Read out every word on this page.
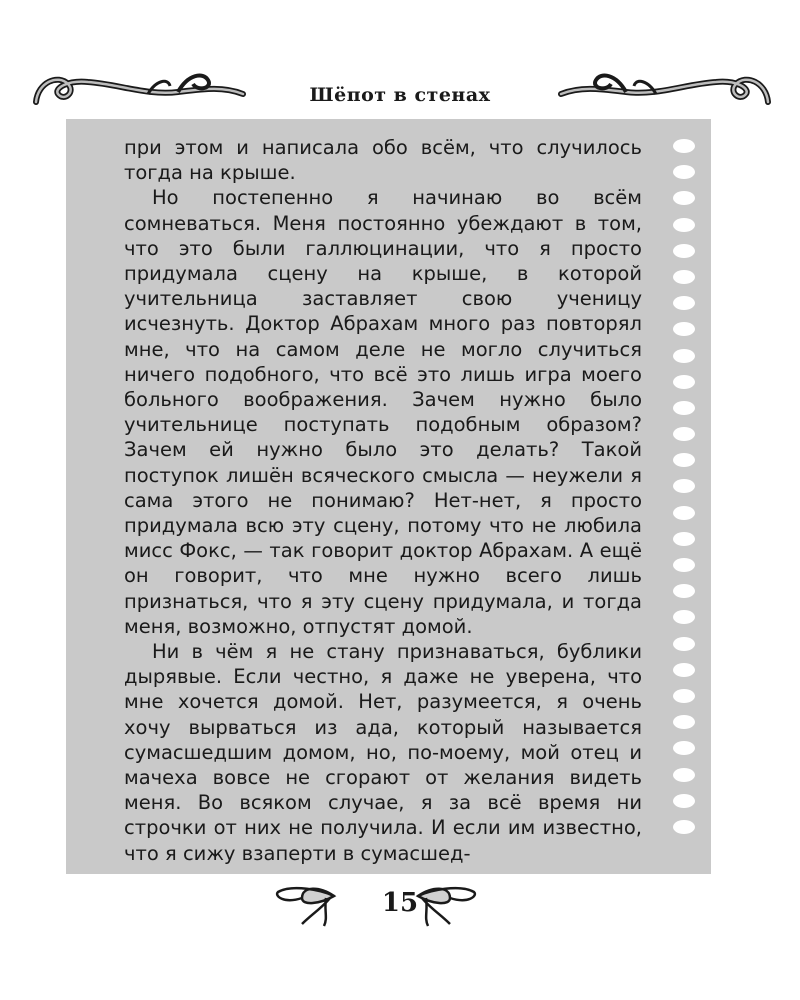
Шёпот в стенах

при этом и написала обо всём, что случилось тогда на крыше.

Но постепенно я начинаю во всём сомневаться. Меня постоянно убеждают в том, что это были галлюцинации, что я просто придумала сцену на крыше, в которой учительница заставляет свою ученицу исчезнуть. Доктор Абрахам много раз повторял мне, что на самом деле не могло случиться ничего подобного, что всё это лишь игра моего больного воображения. Зачем нужно было учительнице поступать подобным образом? Зачем ей нужно было это делать? Такой поступок лишён всяческого смысла — неужели я сама этого не понимаю? Нет-нет, я просто придумала всю эту сцену, потому что не любила мисс Фокс, — так говорит доктор Абрахам. А ещё он говорит, что мне нужно всего лишь признаться, что я эту сцену придумала, и тогда меня, возможно, отпустят домой.

Ни в чём я не стану признаваться, бублики дырявые. Если честно, я даже не уверена, что мне хочется домой. Нет, разумеется, я очень хочу вырваться из ада, который называется сумасшедшим домом, но, по-моему, мой отец и мачеха вовсе не сгорают от желания видеть меня. Во всяком случае, я за всё время ни строчки от них не получила. И если им известно, что я сижу взаперти в сумасшед-

15
